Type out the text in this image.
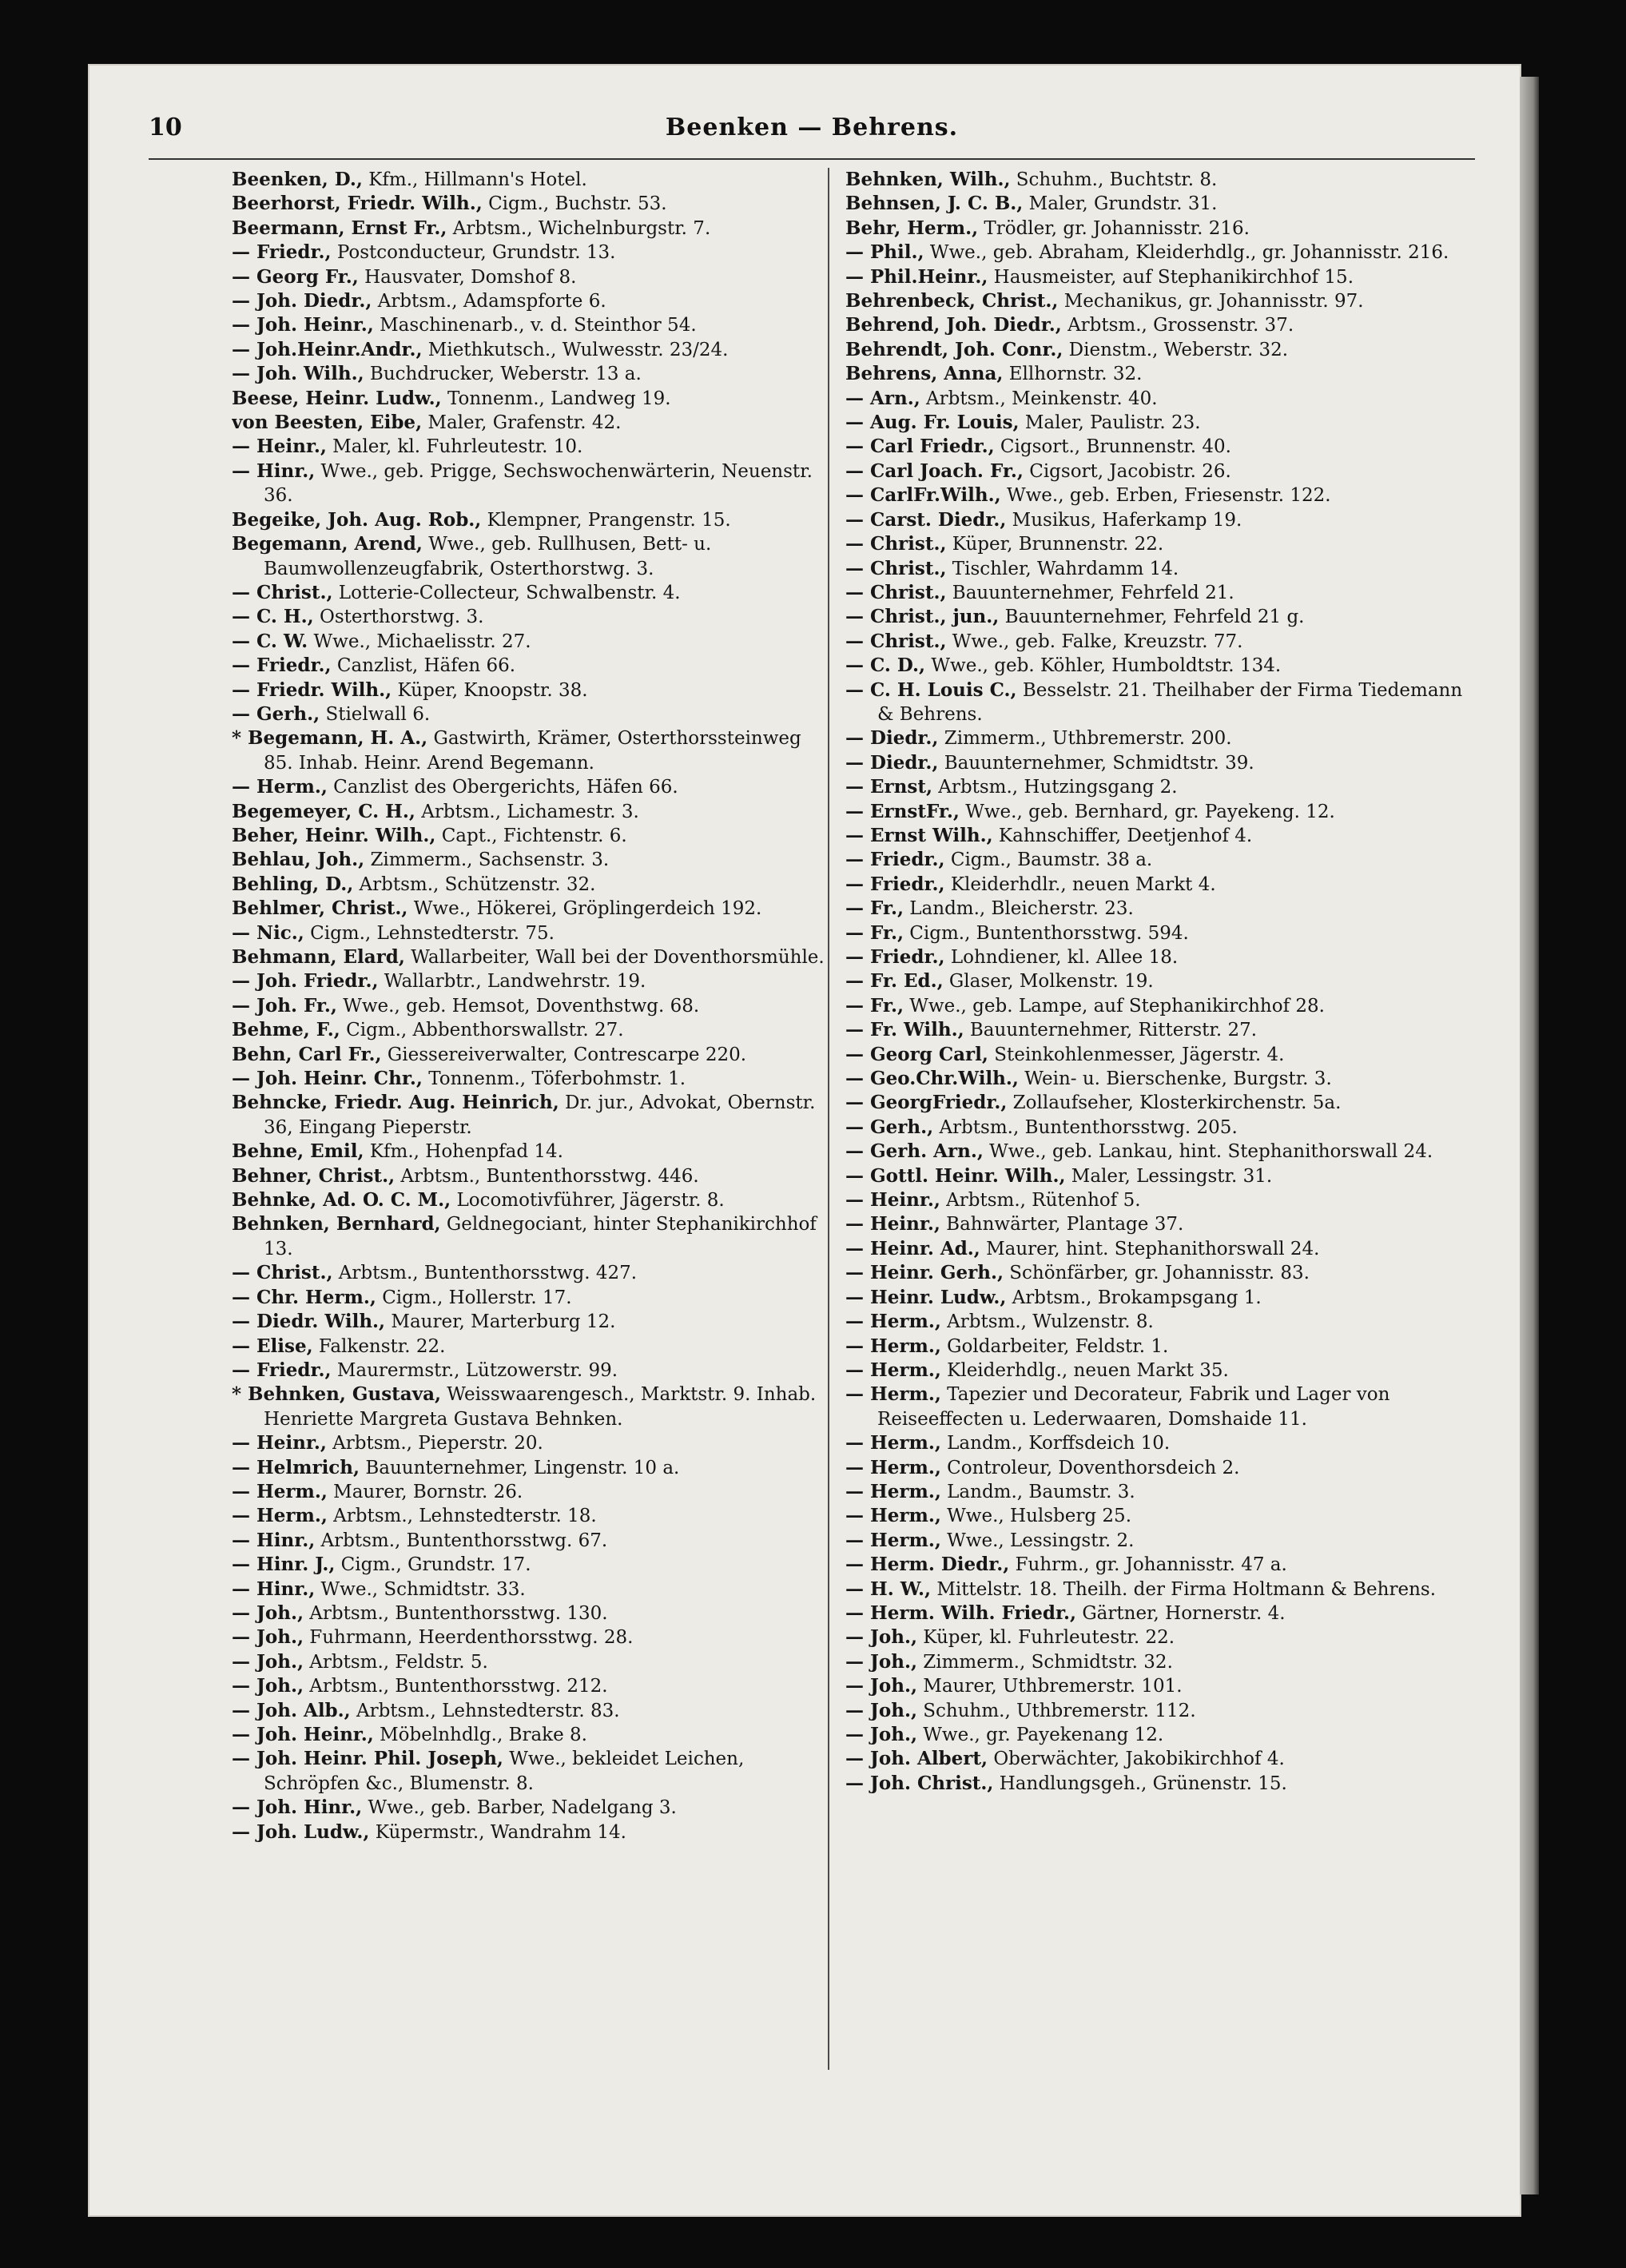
10	Beenken — Behrens.
Beenken, D., Kfm., Hillmann's Hotel.
Beerhorst, Friedr. Wilh., Cigm., Buchstr. 53.
Beermann, Ernst Fr., Arbtsm., Wichelnburgstr. 7.
— Friedr., Postconducteur, Grundstr. 13.
— Georg Fr., Hausvater, Domshof 8.
— Joh. Diedr., Arbtsm., Adamspforte 6.
— Joh. Heinr., Maschinenarb., v. d. Steinthor 54.
— Joh.Heinr.Andr., Miethkutsch., Wulwesstr. 23/24.
— Joh. Wilh., Buchdrucker, Weberstr. 13 a.
Beese, Heinr. Ludw., Tonnenm., Landweg 19.
von Beesten, Eibe, Maler, Grafenstr. 42.
— Heinr., Maler, kl. Fuhrleutestr. 10.
— Hinr., Wwe., geb. Prigge, Sechswochenwärterin, Neuenstr. 36.
Begeike, Joh. Aug. Rob., Klempner, Prangenstr. 15.
Begemann, Arend, Wwe., geb. Rullhusen, Bett- u. Baumwollenzeugfabrik, Osterthorstwg. 3.
— Christ., Lotterie-Collecteur, Schwalbenstr. 4.
— C. H., Osterthorstwg. 3.
— C. W. Wwe., Michaelisstr. 27.
— Friedr., Canzlist, Häfen 66.
— Friedr. Wilh., Küper, Knoopstr. 38.
— Gerh., Stielwall 6.
* Begemann, H. A., Gastwirth, Krämer, Osterthorssteinweg 85. Inhab. Heinr. Arend Begemann.
— Herm., Canzlist des Obergerichts, Häfen 66.
Begemeyer, C. H., Arbtsm., Lichamestr. 3.
Beher, Heinr. Wilh., Capt., Fichtenstr. 6.
Behlau, Joh., Zimmerm., Sachsenstr. 3.
Behling, D., Arbtsm., Schützenstr. 32.
Behlmer, Christ., Wwe., Hökerei, Gröplingerdeich 192.
— Nic., Cigm., Lehnstedterstr. 75.
Behmann, Elard, Wallarbeiter, Wall bei der Doventhorsmühle.
— Joh. Friedr., Wallarbtr., Landwehrstr. 19.
— Joh. Fr., Wwe., geb. Hemsot, Doventhstwg. 68.
Behme, F., Cigm., Abbenthorswallstr. 27.
Behn, Carl Fr., Giessereiverwalter, Contrescarpe 220.
— Joh. Heinr. Chr., Tonnenm., Töferbohmstr. 1.
Behncke, Friedr. Aug. Heinrich, Dr. jur., Advokat, Obernstr. 36, Eingang Pieperstr.
Behne, Emil, Kfm., Hohenpfad 14.
Behner, Christ., Arbtsm., Buntenthorsstwg. 446.
Behnke, Ad. O. C. M., Locomotivführer, Jägerstr. 8.
Behnken, Bernhard, Geldnegociant, hinter Stephanikirchhof 13.
— Christ., Arbtsm., Buntenthorsstwg. 427.
— Chr. Herm., Cigm., Hollerstr. 17.
— Diedr. Wilh., Maurer, Marterburg 12.
— Elise, Falkenstr. 22.
— Friedr., Maurermstr., Lützowerstr. 99.
* Behnken, Gustava, Weisswaarengesch., Marktstr. 9. Inhab. Henriette Margreta Gustava Behnken.
— Heinr., Arbtsm., Pieperstr. 20.
— Helmrich, Bauunternehmer, Lingenstr. 10 a.
— Herm., Maurer, Bornstr. 26.
— Herm., Arbtsm., Lehnstedterstr. 18.
— Hinr., Arbtsm., Buntenthorsstwg. 67.
— Hinr. J., Cigm., Grundstr. 17.
— Hinr., Wwe., Schmidtstr. 33.
— Joh., Arbtsm., Buntenthorsstwg. 130.
— Joh., Fuhrmann, Heerdenthorsstwg. 28.
— Joh., Arbtsm., Feldstr. 5.
— Joh., Arbtsm., Buntenthorsstwg. 212.
— Joh. Alb., Arbtsm., Lehnstedterstr. 83.
— Joh. Heinr., Möbelnhdlg., Brake 8.
— Joh. Heinr. Phil. Joseph, Wwe., bekleidet Leichen, Schröpfen &c., Blumenstr. 8.
— Joh. Hinr., Wwe., geb. Barber, Nadelgang 3.
— Joh. Ludw., Küpermstr., Wandrahm 14.
Behnken, Wilh., Schuhm., Buchtstr. 8.
Behnsen, J. C. B., Maler, Grundstr. 31.
Behr, Herm., Trödler, gr. Johannisstr. 216.
— Phil., Wwe., geb. Abraham, Kleiderhdlg., gr. Johannisstr. 216.
— Phil.Heinr., Hausmeister, auf Stephanikirchhof 15.
Behrenbeck, Christ., Mechanikus, gr. Johannisstr. 97.
Behrend, Joh. Diedr., Arbtsm., Grossenstr. 37.
Behrendt, Joh. Conr., Dienstm., Weberstr. 32.
Behrens, Anna, Ellhornstr. 32.
— Arn., Arbtsm., Meinkenstr. 40.
— Aug. Fr. Louis, Maler, Paulistr. 23.
— Carl Friedr., Cigsort., Brunnenstr. 40.
— Carl Joach. Fr., Cigsort, Jacobistr. 26.
— CarlFr.Wilh., Wwe., geb. Erben, Friesenstr. 122.
— Carst. Diedr., Musikus, Haferkamp 19.
— Christ., Küper, Brunnenstr. 22.
— Christ., Tischler, Wahrdamm 14.
— Christ., Bauunternehmer, Fehrfeld 21.
— Christ., jun., Bauunternehmer, Fehrfeld 21 g.
— Christ., Wwe., geb. Falke, Kreuzstr. 77.
— C. D., Wwe., geb. Köhler, Humboldtstr. 134.
— C. H. Louis C., Besselstr. 21. Theilhaber der Firma Tiedemann & Behrens.
— Diedr., Zimmerm., Uthbremerstr. 200.
— Diedr., Bauunternehmer, Schmidtstr. 39.
— Ernst, Arbtsm., Hutzingsgang 2.
— ErnstFr., Wwe., geb. Bernhard, gr. Payekeng. 12.
— Ernst Wilh., Kahnschiffer, Deetjenhof 4.
— Friedr., Cigm., Baumstr. 38 a.
— Friedr., Kleiderhdlr., neuen Markt 4.
— Fr., Landm., Bleicherstr. 23.
— Fr., Cigm., Buntenthorsstwg. 594.
— Friedr., Lohndiener, kl. Allee 18.
— Fr. Ed., Glaser, Molkenstr. 19.
— Fr., Wwe., geb. Lampe, auf Stephanikirchhof 28.
— Fr. Wilh., Bauunternehmer, Ritterstr. 27.
— Georg Carl, Steinkohlenmesser, Jägerstr. 4.
— Geo.Chr.Wilh., Wein- u. Bierschenke, Burgstr. 3.
— GeorgFriedr., Zollaufseher, Klosterkirchenstr. 5a.
— Gerh., Arbtsm., Buntenthorsstwg. 205.
— Gerh. Arn., Wwe., geb. Lankau, hint. Stephanithorswall 24.
— Gottl. Heinr. Wilh., Maler, Lessingstr. 31.
— Heinr., Arbtsm., Rütenhof 5.
— Heinr., Bahnwärter, Plantage 37.
— Heinr. Ad., Maurer, hint. Stephanithorswall 24.
— Heinr. Gerh., Schönfärber, gr. Johannisstr. 83.
— Heinr. Ludw., Arbtsm., Brokampsgang 1.
— Herm., Arbtsm., Wulzenstr. 8.
— Herm., Goldarbeiter, Feldstr. 1.
— Herm., Kleiderhdlg., neuen Markt 35.
— Herm., Tapezier und Decorateur, Fabrik und Lager von Reiseeffecten u. Lederwaaren, Domshaide 11.
— Herm., Landm., Korffsdeich 10.
— Herm., Controleur, Doventhorsdeich 2.
— Herm., Landm., Baumstr. 3.
— Herm., Wwe., Hulsberg 25.
— Herm., Wwe., Lessingstr. 2.
— Herm. Diedr., Fuhrm., gr. Johannisstr. 47 a.
— H. W., Mittelstr. 18. Theilh. der Firma Holtmann & Behrens.
— Herm. Wilh. Friedr., Gärtner, Hornerstr. 4.
— Joh., Küper, kl. Fuhrleutestr. 22.
— Joh., Zimmerm., Schmidtstr. 32.
— Joh., Maurer, Uthbremerstr. 101.
— Joh., Schuhm., Uthbremerstr. 112.
— Joh., Wwe., gr. Payekenang 12.
— Joh. Albert, Oberwächter, Jakobikirchhof 4.
— Joh. Christ., Handlungsgeh., Grünenstr. 15.
